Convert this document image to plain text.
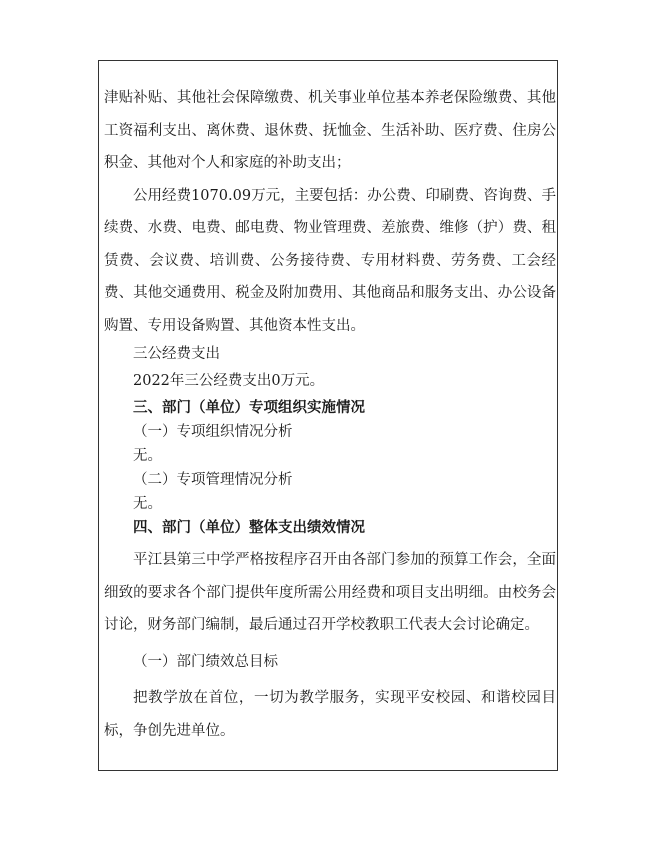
津贴补贴、其他社会保障缴费、机关事业单位基本养老保险缴费、其他工资福利支出、离休费、退休费、抚恤金、生活补助、医疗费、住房公积金、其他对个人和家庭的补助支出；

公用经费1070.09万元，主要包括：办公费、印刷费、咨询费、手续费、水费、电费、邮电费、物业管理费、差旅费、维修（护）费、租赁费、会议费、培训费、公务接待费、专用材料费、劳务费、工会经费、其他交通费用、税金及附加费用、其他商品和服务支出、办公设备购置、专用设备购置、其他资本性支出。

三公经费支出

2022年三公经费支出0万元。

三、部门（单位）专项组织实施情况

（一）专项组织情况分析

无。

（二）专项管理情况分析

无。

四、部门（单位）整体支出绩效情况

平江县第三中学严格按程序召开由各部门参加的预算工作会，全面细致的要求各个部门提供年度所需公用经费和项目支出明细。由校务会讨论，财务部门编制，最后通过召开学校教职工代表大会讨论确定。

（一）部门绩效总目标

把教学放在首位，一切为教学服务，实现平安校园、和谐校园目标，争创先进单位。
